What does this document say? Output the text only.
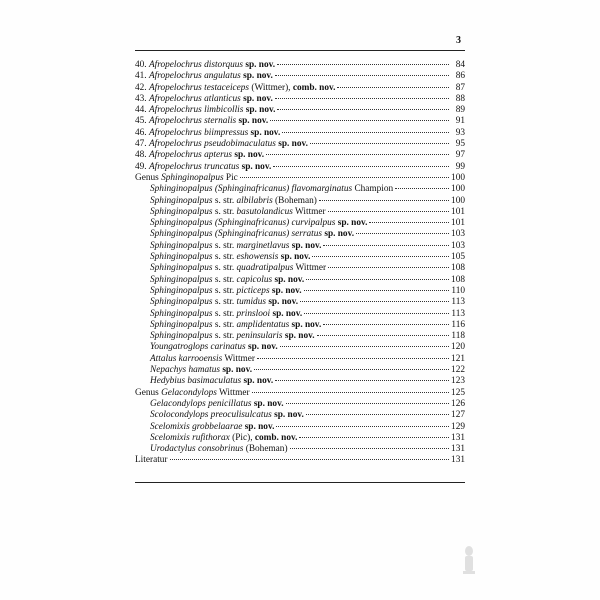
3
40. Afropelochrus distorquus sp. nov.	84
41. Afropelochrus angulatus sp. nov.	86
42. Afropelochrus testaceiceps (Wittmer), comb. nov.	87
43. Afropelochrus atlanticus sp. nov.	88
44. Afropelochrus limbicollis sp. nov.	89
45. Afropelochrus sternalis sp. nov.	91
46. Afropelochrus biimpressus sp. nov.	93
47. Afropelochrus pseudobimaculatus sp. nov.	95
48. Afropelochrus apterus sp. nov.	97
49. Afropelochrus truncatus sp. nov.	99
Genus Sphinginopalpus Pic	100
Sphinginopalpus (Sphinginafricanus) flavomarginatus Champion	100
Sphinginopalpus s. str. albilabris (Boheman)	100
Sphinginopalpus s. str. basutolandicus Wittmer	101
Sphinginopalpus (Sphinginafricanus) curvipalpus sp. nov.	101
Sphinginopalpus (Sphinginafricanus) serratus sp. nov.	103
Sphinginopalpus s. str. marginetlavus sp. nov.	103
Sphinginopalpus s. str. eshowensis sp. nov.	105
Sphinginopalpus s. str. quadratipalpus Wittmer	108
Sphinginopalpus s. str. capicolus sp. nov.	108
Sphinginopalpus s. str. picticeps sp. nov.	110
Sphinginopalpus s. str. tumidus sp. nov.	113
Sphinginopalpus s. str. prinslooi sp. nov.	113
Sphinginopalpus s. str. amplidentatus sp. nov.	116
Sphinginopalpus s. str. peninsularis sp. nov.	118
Youngatroglops carinatus sp. nov.	120
Attalus karrooensis Wittmer	121
Nepachys hamatus sp. nov.	122
Hedybius basimaculatus sp. nov.	123
Genus Gelacondylops Wittmer	125
Gelacondylops penicillatus sp. nov.	126
Scolocondylops preoculisulcatus sp. nov.	127
Scelomixis grobbelaarae sp. nov.	129
Scelomixis rufithorax (Pic), comb. nov.	131
Urodactylus consobrinus (Boheman)	131
Literatur	131
